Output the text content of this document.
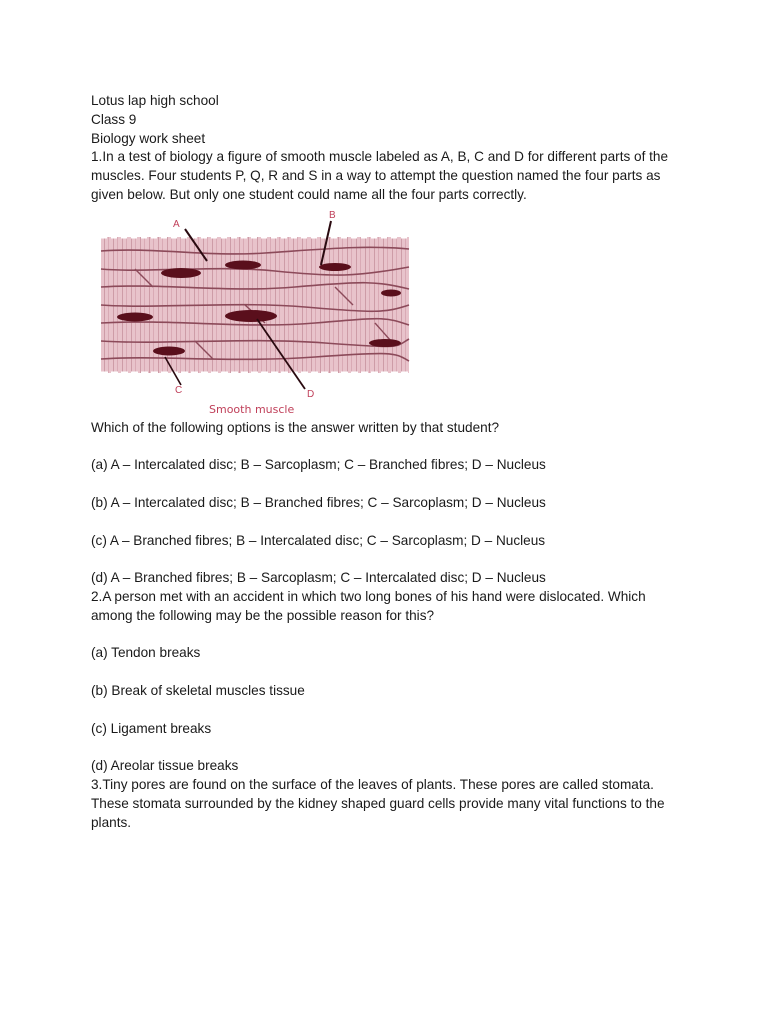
Lotus lap high school
Class 9
Biology work sheet
1.In a test of biology a figure of smooth muscle labeled as A, B, C and D for different parts of the
muscles. Four students P, Q, R and S in a way to attempt the question named the four parts as
given below. But only one student could name all the four parts correctly.
A
B
C	D
Smooth muscle
Which of the following options is the answer written by that student?
(a) A – Intercalated disc; B – Sarcoplasm; C – Branched fibres; D – Nucleus
(b) A – Intercalated disc; B – Branched fibres; C – Sarcoplasm; D – Nucleus
(c) A – Branched fibres; B – Intercalated disc; C – Sarcoplasm; D – Nucleus
(d) A – Branched fibres; B – Sarcoplasm; C – Intercalated disc; D – Nucleus
2.A person met with an accident in which two long bones of his hand were dislocated. Which
among the following may be the possible reason for this?
(a) Tendon breaks
(b) Break of skeletal muscles tissue
(c) Ligament breaks
(d) Areolar tissue breaks
3.Tiny pores are found on the surface of the leaves of plants. These pores are called stomata.
These stomata surrounded by the kidney shaped guard cells provide many vital functions to the
plants.
